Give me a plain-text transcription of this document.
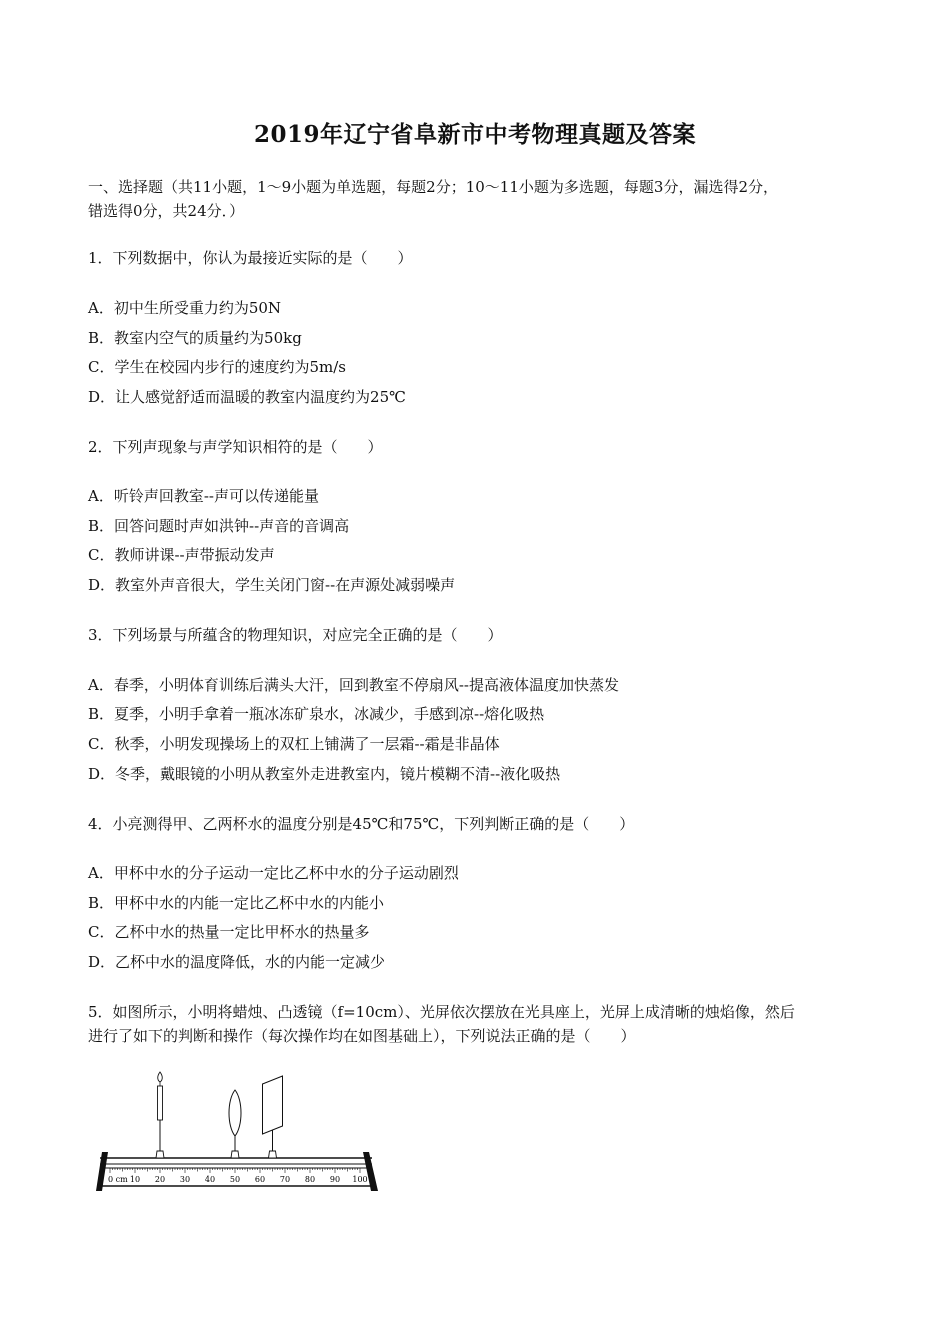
2019年辽宁省阜新市中考物理真题及答案
一、选择题（共11小题，1～9小题为单选题，每题2分；10～11小题为多选题，每题3分，漏选得2分，
错选得0分，共24分．）
1．下列数据中，你认为最接近实际的是（　　）
A．初中生所受重力约为50N
B．教室内空气的质量约为50kg
C．学生在校园内步行的速度约为5m/s
D．让人感觉舒适而温暖的教室内温度约为25℃
2．下列声现象与声学知识相符的是（　　）
A．听铃声回教室--声可以传递能量
B．回答问题时声如洪钟--声音的音调高
C．教师讲课--声带振动发声
D．教室外声音很大，学生关闭门窗--在声源处减弱噪声
3．下列场景与所蕴含的物理知识，对应完全正确的是（　　）
A．春季，小明体育训练后满头大汗，回到教室不停扇风--提高液体温度加快蒸发
B．夏季，小明手拿着一瓶冰冻矿泉水，冰减少，手感到凉--熔化吸热
C．秋季，小明发现操场上的双杠上铺满了一层霜--霜是非晶体
D．冬季，戴眼镜的小明从教室外走进教室内，镜片模糊不清--液化吸热
4．小亮测得甲、乙两杯水的温度分别是45℃和75℃，下列判断正确的是（　　）
A．甲杯中水的分子运动一定比乙杯中水的分子运动剧烈
B．甲杯中水的内能一定比乙杯中水的内能小
C．乙杯中水的热量一定比甲杯水的热量多
D．乙杯中水的温度降低，水的内能一定减少
5．如图所示，小明将蜡烛、凸透镜（f=10cm）、光屏依次摆放在光具座上，光屏上成清晰的烛焰像，然后
进行了如下的判断和操作（每次操作均在如图基础上），下列说法正确的是（　　）
0 cm 10 20 30 40 50 60 70 80 90 100
